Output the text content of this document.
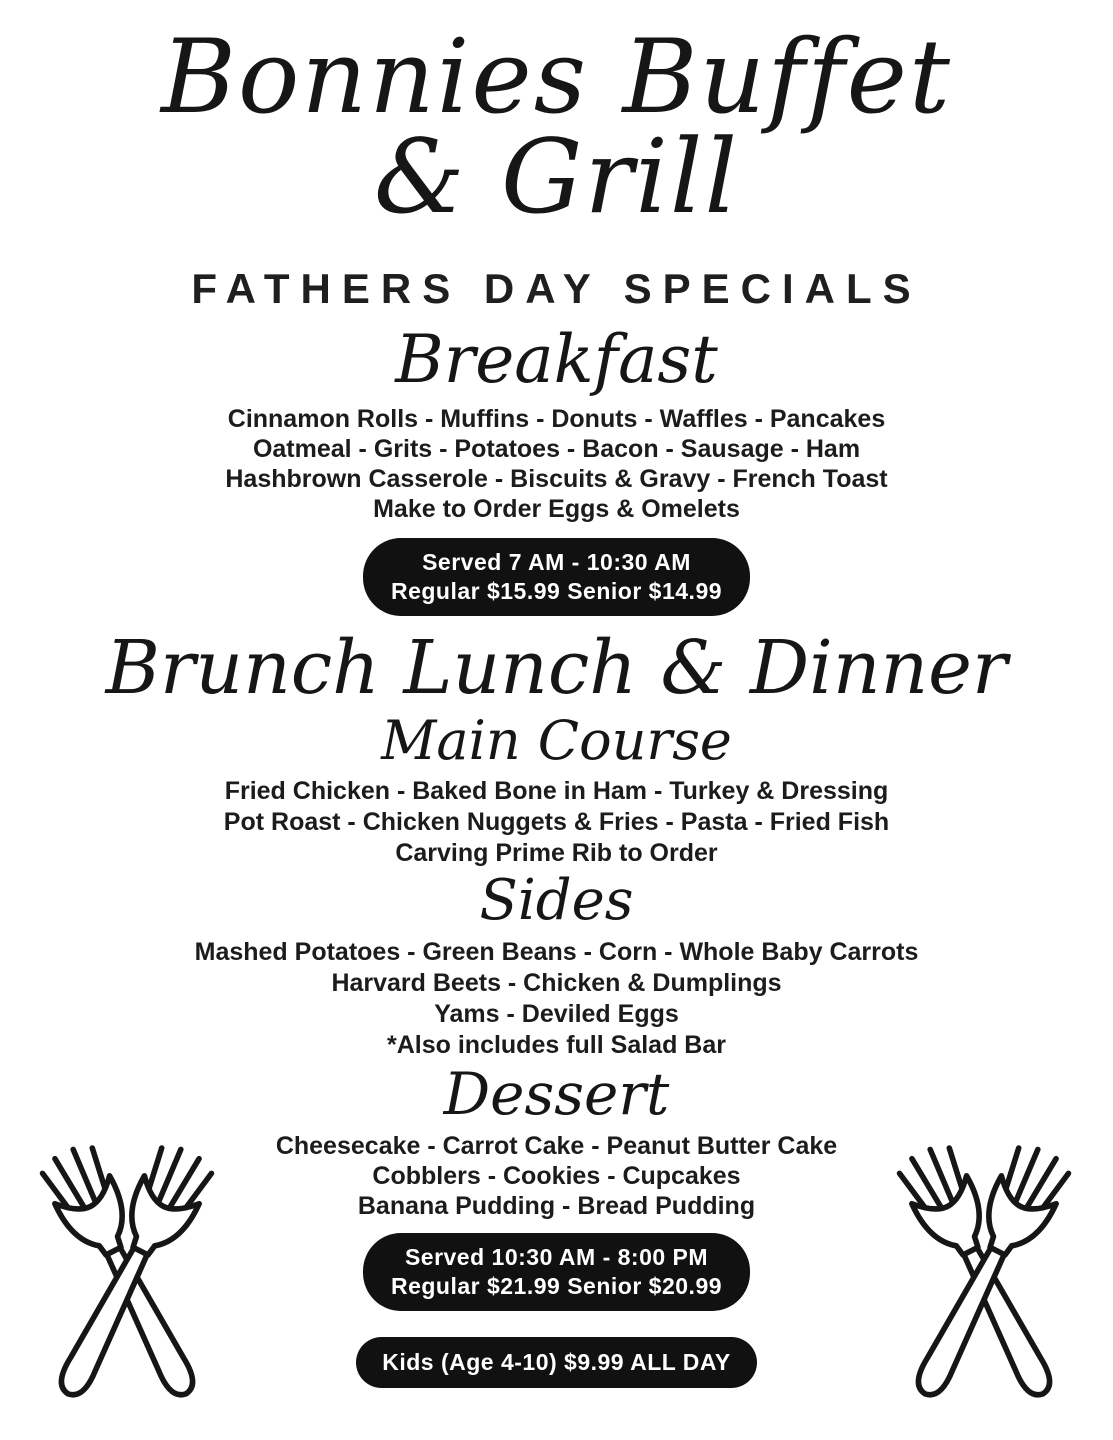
Bonnies Buffet
& Grill
FATHERS DAY SPECIALS
Breakfast

Cinnamon Rolls - Muffins - Donuts - Waffles - Pancakes

Oatmeal - Grits - Potatoes - Bacon - Sausage - Ham

Hashbrown Casserole - Biscuits & Gravy - French Toast

Make to Order Eggs & Omelets

Served 7 AM - 10:30 AM
Regular $15.99 Senior $14.99
Brunch Lunch & Dinner
Main Course

Fried Chicken - Baked Bone in Ham - Turkey & Dressing

Pot Roast - Chicken Nuggets & Fries - Pasta - Fried Fish

Carving Prime Rib to Order

Sides

Mashed Potatoes - Green Beans - Corn - Whole Baby Carrots

Harvard Beets - Chicken & Dumplings

Yams - Deviled Eggs

*Also includes full Salad Bar

Dessert

Cheesecake - Carrot Cake - Peanut Butter Cake

Cobblers - Cookies - Cupcakes

Banana Pudding - Bread Pudding

Served 10:30 AM - 8:00 PM
Regular $21.99 Senior $20.99
Kids (Age 4-10) $9.99 ALL DAY
